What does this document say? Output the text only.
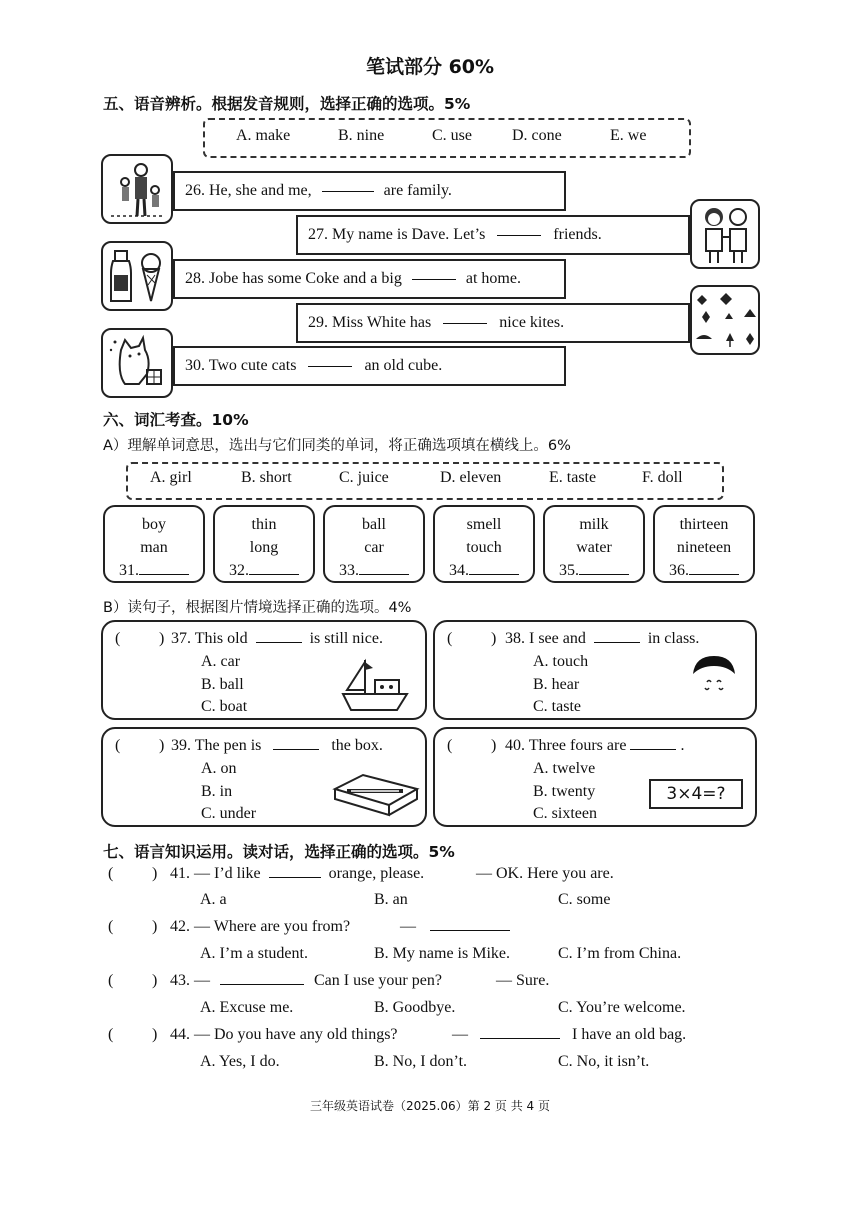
笔试部分 60%
五、语音辨析。根据发音规则，选择正确的选项。5%
A. make	B. nine	C. use	D. cone	E. we
26. He, she and me,	are family.
27. My name is Dave. Let’s	friends.
28. Jobe has some Coke and a big	at home.
29. Miss White has	nice kites.
30. Two cute cats	an old cube.
六、词汇考查。10%
A）理解单词意思，选出与它们同类的单词，将正确选项填在横线上。6%
A. girl	B. short	C. juice	D. eleven	E. taste	F. doll
boy
man
31.
thin
long
32.
ball
car
33.
smell
touch
34.
milk
water
35.
thirteen
nineteen
36.
B）读句子，根据图片情境选择正确的选项。4%
( ) 37. This old	is still nice.
A. car
B. ball
C. boat
( ) 38. I see and	in class.
A. touch
B. hear
C. taste
( ) 39. The pen is	the box.
A. on
B. in
C. under
( ) 40. Three fours are	.
A. twelve
B. twenty
C. sixteen
3×4=?
七、语言知识运用。读对话，选择正确的选项。5%
( ) 41. — I’d like	orange, please.	— OK. Here you are.
A. a	B. an	C. some
( ) 42. — Where are you from?	—
A. I’m a student.	B. My name is Mike.	C. I’m from China.
( ) 43. —	Can I use your pen?	— Sure.
A. Excuse me.	B. Goodbye.	C. You’re welcome.
( ) 44. — Do you have any old things?	—	I have an old bag.
A. Yes, I do.	B. No, I don’t.	C. No, it isn’t.
三年级英语试卷（2025.06）第 2 页 共 4 页
